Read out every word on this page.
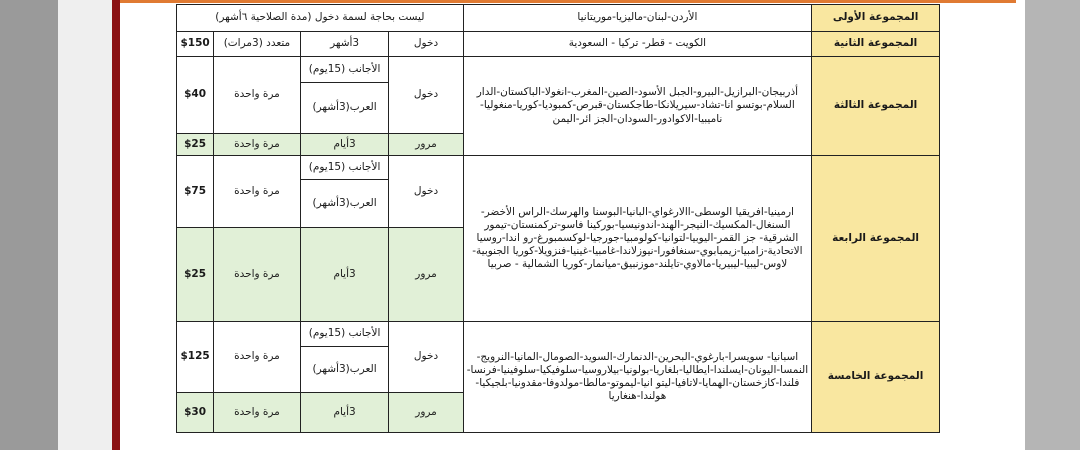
المجموعة الأولى	الأردن-لبنان-ماليزيا-موريتانيا	ليست بحاجة لسمة دخول (مدة الصلاحية ٦أشهر)			
المجموعة الثانية	الكويت - قطر- تركيا - السعودية	دخول	3أشهر	متعدد (3مرات)	$150
المجموعة الثالثة	أذربيجان-البرازيل-البيرو-الجبل الأسود-الصين-المغرب-انغولا-الباكستان-الدار السلام-بوتسو انا-تشاد-سيريلانكا-طاجكستان-قبرص-كمبوديا-كوريا-منغوليا-ناميبيا-الاكوادور-السودان-الجز ائر-اليمن	دخول	الأجانب (15يوم)	مرة واحدة	$40
			العرب(3أشهر)		
		مرور	3أيام	مرة واحدة	$25
المجموعة الرابعة	ارمينيا-افريقيا الوسطى-االارغواي-البانيا-البوسنا والهرسك-الراس الأخضر-السنغال-المكسيك-النيجر-الهند-اندونيسيا-بوركينا فاسو-تركمنستان-تيمور الشرقية- جز القمر-اليوبيا-لتوانيا-كولومبيا-جورجيا-لوكسمبورغ-رو اندا-روسيا الاتحادية-زامبيا-زيمبابوي-سنغافورا-نيوزلاندا-غامبيا-غينيا-فنزويلا-كوريا الجنوبية-لاوس-ليبيا-ليبيريا-مالاوي-تايلند-موزنبيق-ميانمار-كوريا الشمالية - صربيا	دخول	الأجانب (15يوم)	مرة واحدة	$75
			العرب(3أشهر)		
		مرور	3أيام	مرة واحدة	$25
المجموعة الخامسة	اسبانيا- سويسرا-بارغوي-البحرين-الدنمارك-السويد-الصومال-المانيا-النرويج-النمسا-اليونان-ايسلندا-ايطاليا-بلغاريا-بولونيا-بيلاروسيا-سلوفيكيا-سلوفينيا-فرنسا-فلندا-كازخستان-الهمايا-لاتافيا-ليتو انيا-ليموتو-مالطا-مولدوفا-مقدونيا-بلجيكيا-هولندا-هنغاريا	دخول	الأجانب (15يوم)	مرة واحدة	$125
			العرب(3أشهر)		
		مرور	3أيام	مرة واحدة	$30
